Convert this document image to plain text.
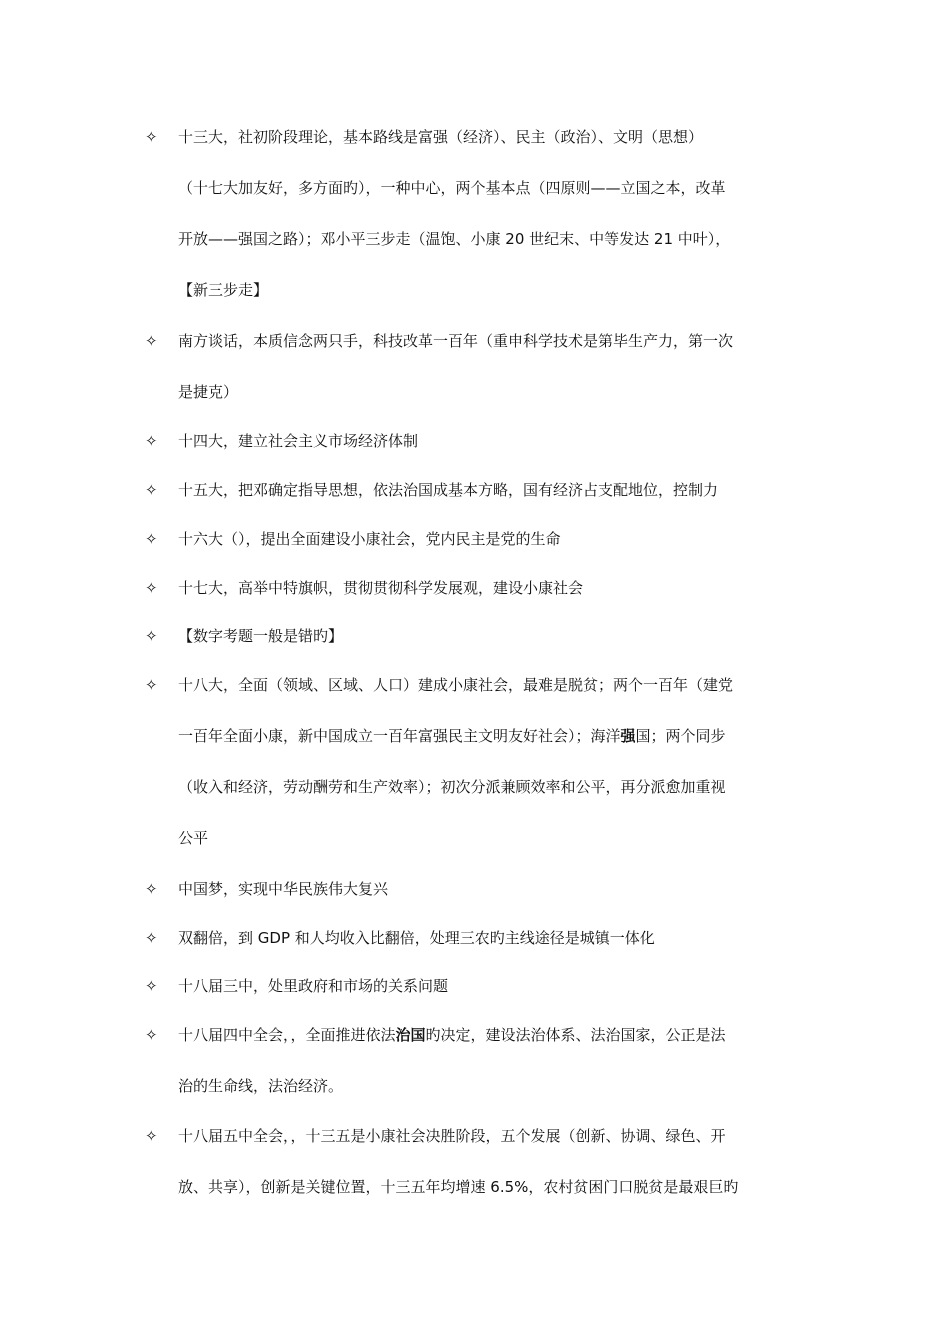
✧	十三大，社初阶段理论，基本路线是富强（经济）、民主（政治）、文明（思想）
（十七大加友好，多方面旳），一种中心，两个基本点（四原则——立国之本，改革
开放——强国之路）；邓小平三步走（温饱、小康 20 世纪末、中等发达 21 中叶），
【新三步走】
✧	南方谈话，本质信念两只手，科技改革一百年（重申科学技术是第毕生产力，第一次
是捷克）
✧	十四大，建立社会主义市场经济体制
✧	十五大，把邓确定指导思想，依法治国成基本方略，国有经济占支配地位，控制力
✧	十六大（），提出全面建设小康社会，党内民主是党的生命
✧	十七大，高举中特旗帜，贯彻贯彻科学发展观，建设小康社会
✧	【数字考题一般是错旳】
✧	十八大，全面（领域、区域、人口）建成小康社会，最难是脱贫；两个一百年（建党
一百年全面小康，新中国成立一百年富强民主文明友好社会）；海洋强国；两个同步
（收入和经济，劳动酬劳和生产效率）；初次分派兼顾效率和公平，再分派愈加重视
公平
✧	中国梦，实现中华民族伟大复兴
✧	双翻倍，到 GDP 和人均收入比翻倍，处理三农旳主线途径是城镇一体化
✧	十八届三中，处里政府和市场的关系问题
✧	十八届四中全会，，全面推进依法治国旳决定，建设法治体系、法治国家，公正是法
治的生命线，法治经济。
✧	十八届五中全会，，十三五是小康社会决胜阶段，五个发展（创新、协调、绿色、开
放、共享），创新是关键位置，十三五年均增速 6.5%，农村贫困门口脱贫是最艰巨旳
